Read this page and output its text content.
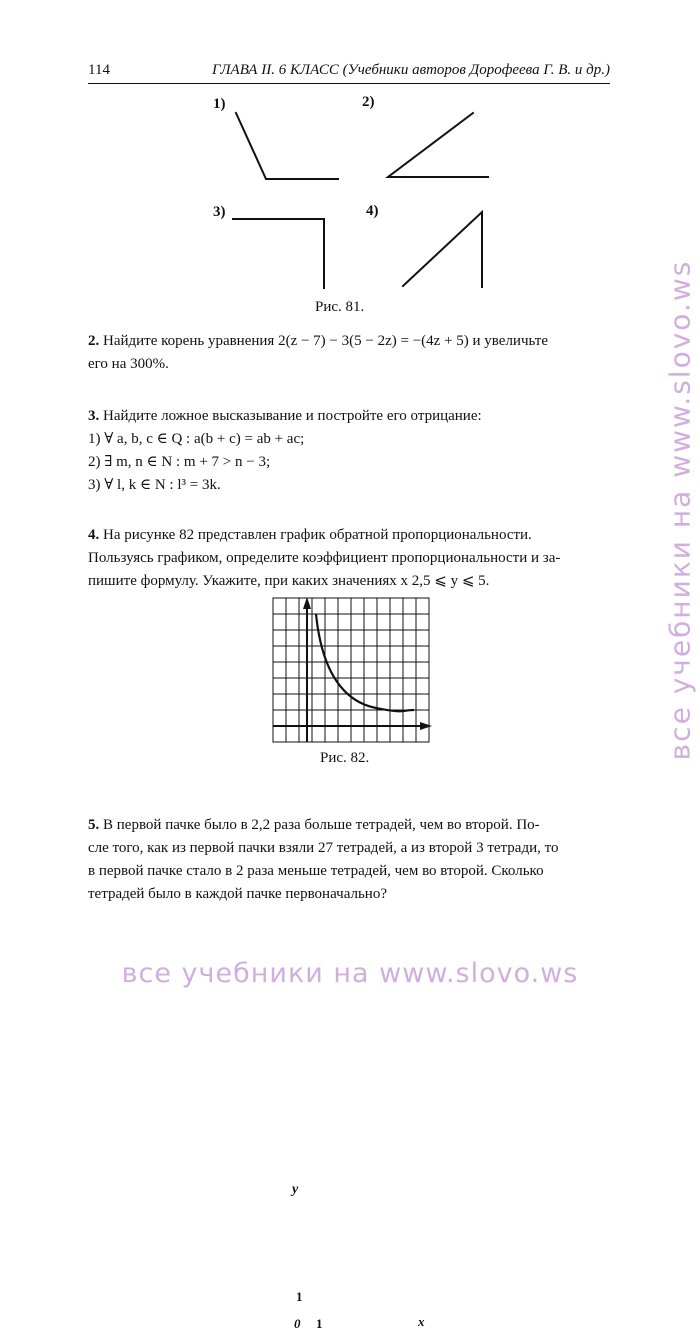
114	ГЛАВА II. 6 КЛАСС (Учебники авторов Дорофеева Г. В. и др.)
1)	2)
3)	4)
Рис. 81.

2. Найдите корень уравнения 2(z − 7) − 3(5 − 2z) = −(4z + 5) и увеличьте

его на 300%.

3. Найдите ложное высказывание и постройте его отрицание:

1) ∀ a, b, c ∈ Q : a(b + c) = ab + ac;

2) ∃ m, n ∈ N : m + 7 > n − 3;

3) ∀ l, k ∈ N : l³ = 3k.

4. На рисунке 82 представлен график обратной пропорциональности.

Пользуясь графиком, определите коэффициент пропорциональности и за-

пишите формулу. Укажите, при каких значениях x 2,5 ⩽ y ⩽ 5.

y
x
0 1
1
Рис. 82.

5. В первой пачке было в 2,2 раза больше тетрадей, чем во второй. По-

сле того, как из первой пачки взяли 27 тетрадей, а из второй 3 тетради, то

в первой пачке стало в 2 раза меньше тетрадей, чем во второй. Сколько

тетрадей было в каждой пачке первоначально?

все учебники на www.slovo.ws
все учебники на www.slovo.ws
